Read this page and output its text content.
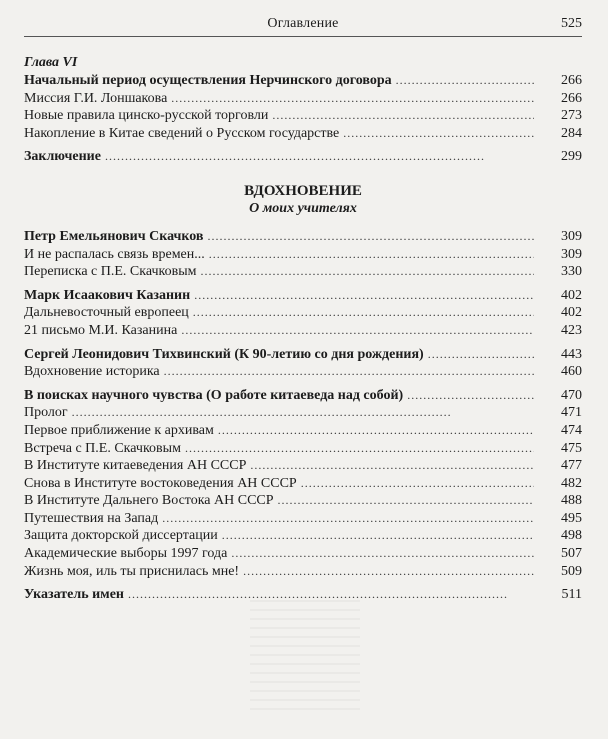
Оглавление	525
Глава VI
Начальный период осуществления Нерчинского договора . . .	266
Миссия Г.И. Лоншакова . . .	266
Новые правила цинско-русской торговли . . .	273
Накопление в Китае сведений о Русском государстве . . .	284
Заключение . . .	299
ВДОХНОВЕНИЕ
О моих учителях
Петр Емельянович Скачков . . .	309
И не распалась связь времен... . . .	309
Переписка с П.Е. Скачковым . . .	330
Марк Исаакович Казанин . . .	402
Дальневосточный европеец . . .	402
21 письмо М.И. Казанина . . .	423
Сергей Леонидович Тихвинский (К 90-летию со дня рождения) . . .	443
Вдохновение историка . . .	460
В поисках научного чувства (О работе китаеведа над собой) . . .	470
Пролог . . .	471
Первое приближение к архивам . . .	474
Встреча с П.Е. Скачковым . . .	475
В Институте китаеведения АН СССР . . .	477
Снова в Институте востоковедения АН СССР . . .	482
В Институте Дальнего Востока АН СССР . . .	488
Путешествия на Запад . . .	495
Защита докторской диссертации . . .	498
Академические выборы 1997 года . . .	507
Жизнь моя, иль ты приснилась мне! . . .	509
Указатель имен . . .	511
